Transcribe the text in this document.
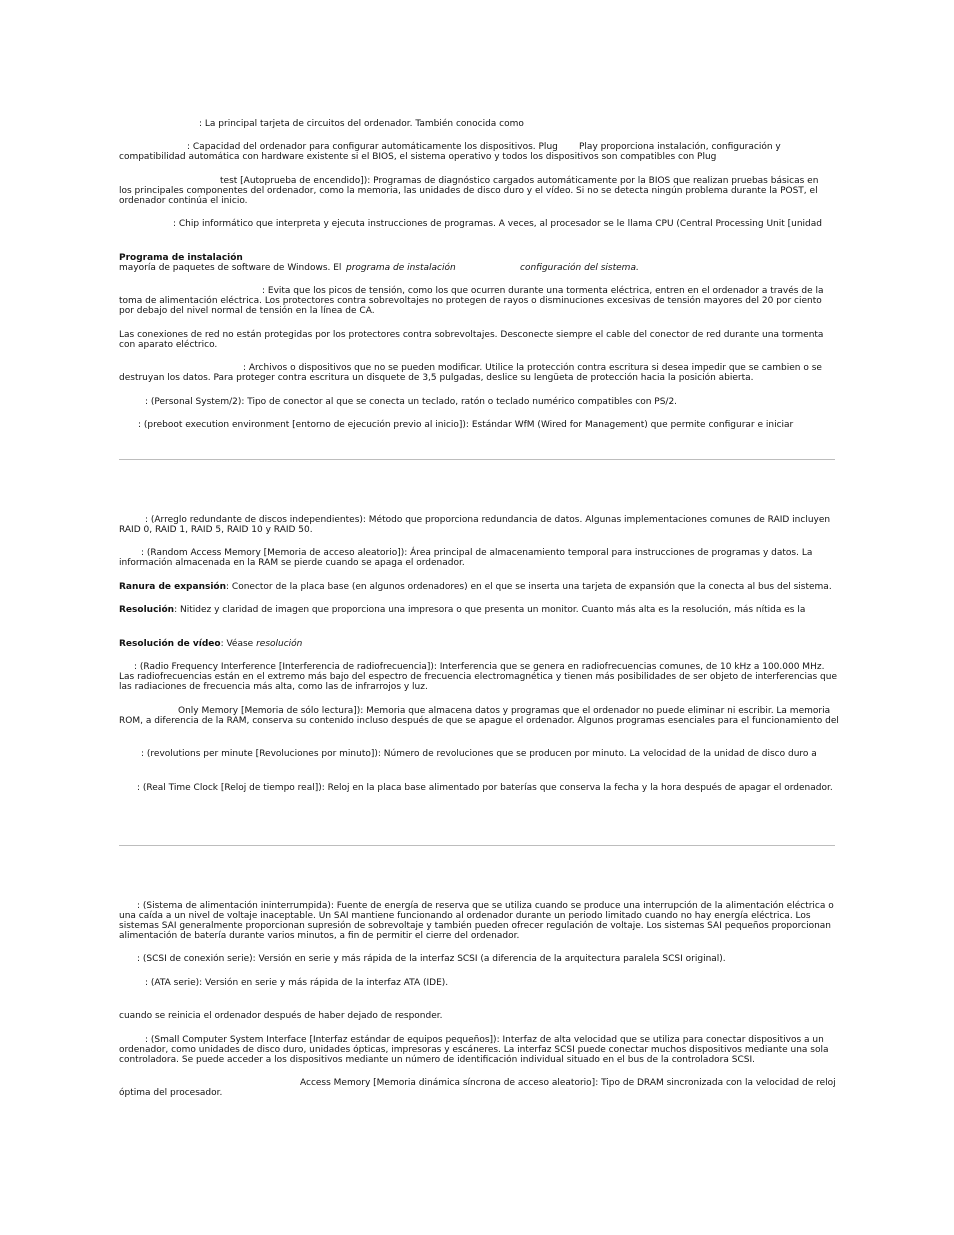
: La principal tarjeta de circuitos del ordenador. También conocida como

: Capacidad del ordenador para configurar automáticamente los dispositivos. Plug Play proporciona instalación, configuración y

compatibilidad automática con hardware existente si el BIOS, el sistema operativo y todos los dispositivos son compatibles con Plug

test [Autoprueba de encendido]): Programas de diagnóstico cargados automáticamente por la BIOS que realizan pruebas básicas en

los principales componentes del ordenador, como la memoria, las unidades de disco duro y el vídeo. Si no se detecta ningún problema durante la POST, el

ordenador continúa el inicio.

: Chip informático que interpreta y ejecuta instrucciones de programas. A veces, al procesador se le llama CPU (Central Processing Unit [unidad

Programa de instalación

mayoría de paquetes de software de Windows. El programa de instalación	configuración del sistema.

: Evita que los picos de tensión, como los que ocurren durante una tormenta eléctrica, entren en el ordenador a través de la

toma de alimentación eléctrica. Los protectores contra sobrevoltajes no protegen de rayos o disminuciones excesivas de tensión mayores del 20 por ciento

por debajo del nivel normal de tensión en la línea de CA.

Las conexiones de red no están protegidas por los protectores contra sobrevoltajes. Desconecte siempre el cable del conector de red durante una tormenta

con aparato eléctrico.

: Archivos o dispositivos que no se pueden modificar. Utilice la protección contra escritura si desea impedir que se cambien o se

destruyan los datos. Para proteger contra escritura un disquete de 3,5 pulgadas, deslice su lengüeta de protección hacia la posición abierta.

: (Personal System/2): Tipo de conector al que se conecta un teclado, ratón o teclado numérico compatibles con PS/2.

: (preboot execution environment [entorno de ejecución previo al inicio]): Estándar WfM (Wired for Management) que permite configurar e iniciar

: (Arreglo redundante de discos independientes): Método que proporciona redundancia de datos. Algunas implementaciones comunes de RAID incluyen

RAID 0, RAID 1, RAID 5, RAID 10 y RAID 50.

: (Random Access Memory [Memoria de acceso aleatorio]): Área principal de almacenamiento temporal para instrucciones de programas y datos. La

información almacenada en la RAM se pierde cuando se apaga el ordenador.

Ranura de expansión: Conector de la placa base (en algunos ordenadores) en el que se inserta una tarjeta de expansión que la conecta al bus del sistema.

Resolución: Nitidez y claridad de imagen que proporciona una impresora o que presenta un monitor. Cuanto más alta es la resolución, más nítida es la

Resolución de vídeo: Véase resolución

: (Radio Frequency Interference [Interferencia de radiofrecuencia]): Interferencia que se genera en radiofrecuencias comunes, de 10 kHz a 100.000 MHz.

Las radiofrecuencias están en el extremo más bajo del espectro de frecuencia electromagnética y tienen más posibilidades de ser objeto de interferencias que

las radiaciones de frecuencia más alta, como las de infrarrojos y luz.

Only Memory [Memoria de sólo lectura]): Memoria que almacena datos y programas que el ordenador no puede eliminar ni escribir. La memoria

ROM, a diferencia de la RAM, conserva su contenido incluso después de que se apague el ordenador. Algunos programas esenciales para el funcionamiento del

: (revolutions per minute [Revoluciones por minuto]): Número de revoluciones que se producen por minuto. La velocidad de la unidad de disco duro a

: (Real Time Clock [Reloj de tiempo real]): Reloj en la placa base alimentado por baterías que conserva la fecha y la hora después de apagar el ordenador.

: (Sistema de alimentación ininterrumpida): Fuente de energía de reserva que se utiliza cuando se produce una interrupción de la alimentación eléctrica o

una caída a un nivel de voltaje inaceptable. Un SAI mantiene funcionando al ordenador durante un periodo limitado cuando no hay energía eléctrica. Los

sistemas SAI generalmente proporcionan supresión de sobrevoltaje y también pueden ofrecer regulación de voltaje. Los sistemas SAI pequeños proporcionan

alimentación de batería durante varios minutos, a fin de permitir el cierre del ordenador.

: (SCSI de conexión serie): Versión en serie y más rápida de la interfaz SCSI (a diferencia de la arquitectura paralela SCSI original).

: (ATA serie): Versión en serie y más rápida de la interfaz ATA (IDE).

cuando se reinicia el ordenador después de haber dejado de responder.

: (Small Computer System Interface [Interfaz estándar de equipos pequeños]): Interfaz de alta velocidad que se utiliza para conectar dispositivos a un

ordenador, como unidades de disco duro, unidades ópticas, impresoras y escáneres. La interfaz SCSI puede conectar muchos dispositivos mediante una sola

controladora. Se puede acceder a los dispositivos mediante un número de identificación individual situado en el bus de la controladora SCSI.

Access Memory [Memoria dinámica síncrona de acceso aleatorio]: Tipo de DRAM sincronizada con la velocidad de reloj

óptima del procesador.
